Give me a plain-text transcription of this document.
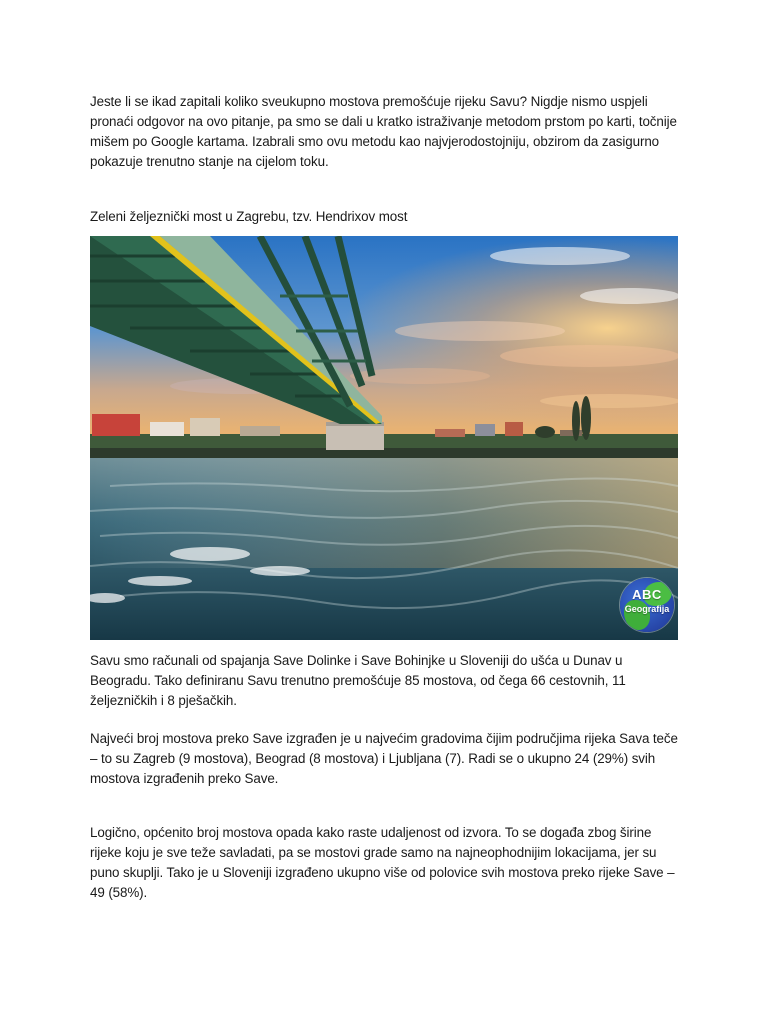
Jeste li se ikad zapitali koliko sveukupno mostova premošćuje rijeku Savu? Nigdje nismo uspjeli pronaći odgovor na ovo pitanje, pa smo se dali u kratko istraživanje metodom prstom po karti, točnije mišem po Google kartama. Izabrali smo ovu metodu kao najvjerodostojniju, obzirom da zasigurno pokazuje trenutno stanje na cijelom toku.

Zeleni željeznički most u Zagrebu, tzv. Hendrixov most

ABC
Geografija

Savu smo računali od spajanja Save Dolinke i Save Bohinjke u Sloveniji do ušća u Dunav u Beogradu. Tako definiranu Savu trenutno premošćuje 85 mostova, od čega 66 cestovnih, 11 željezničkih i 8 pješačkih.

Najveći broj mostova preko Save izgrađen je u najvećim gradovima čijim područjima rijeka Sava teče – to su Zagreb (9 mostova), Beograd (8 mostova) i Ljubljana (7). Radi se o ukupno 24 (29%) svih mostova izgrađenih preko Save.

Logično, općenito broj mostova opada kako raste udaljenost od izvora. To se događa zbog širine rijeke koju je sve teže savladati, pa se mostovi grade samo na najneophodnijim lokacijama, jer su puno skuplji. Tako je u Sloveniji izgrađeno ukupno više od polovice svih mostova preko rijeke Save – 49 (58%).
